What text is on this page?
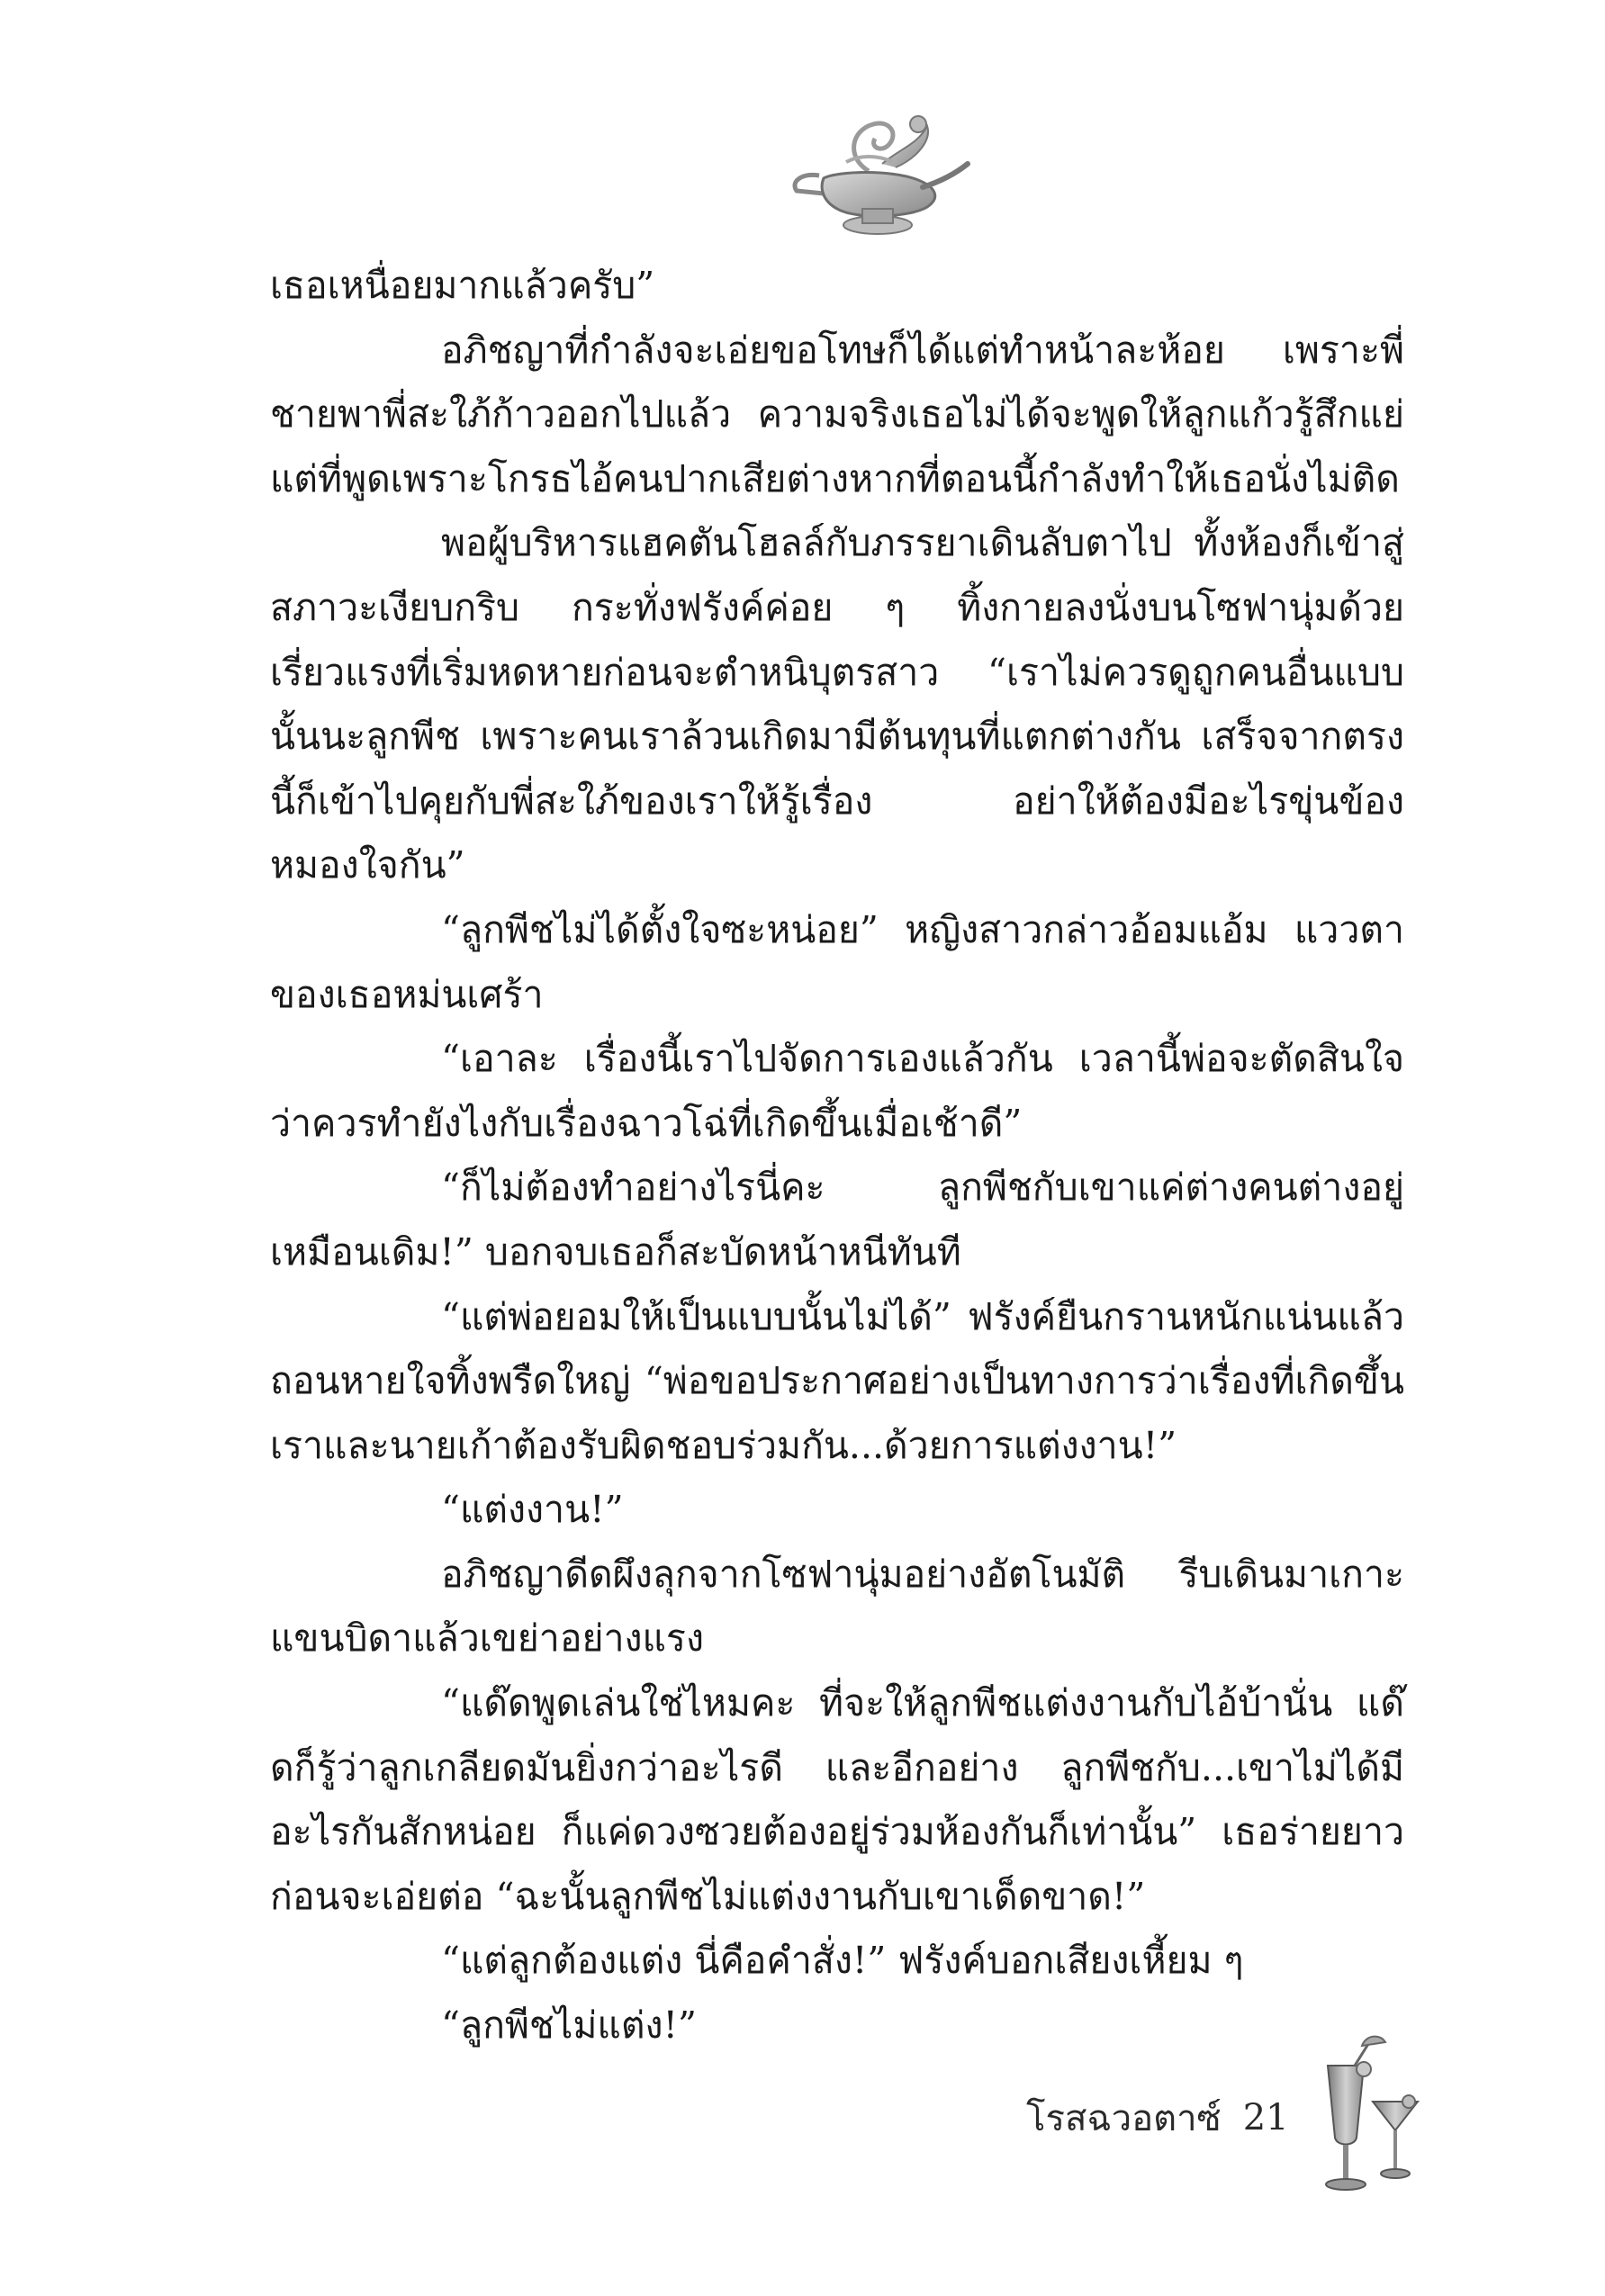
เธอเหนื่อยมากแล้วครับ”

อภิชญาที่กำลังจะเอ่ยขอโทษก็ได้แต่ทำหน้าละห้อย เพราะพี่ชายพาพี่สะใภ้ก้าวออกไปแล้ว ความจริงเธอไม่ได้จะพูดให้ลูกแก้วรู้สึกแย่ แต่ที่พูดเพราะโกรธไอ้คนปากเสียต่างหากที่ตอนนี้กำลังทำให้เธอนั่งไม่ติด

พอผู้บริหารแฮคตันโฮลล์กับภรรยาเดินลับตาไป ทั้งห้องก็เข้าสู่สภาวะเงียบกริบ กระทั่งฟรังค์ค่อย ๆ ทิ้งกายลงนั่งบนโซฟานุ่มด้วยเรี่ยวแรงที่เริ่มหดหายก่อนจะตำหนิบุตรสาว “เราไม่ควรดูถูกคนอื่นแบบนั้นนะลูกพีช เพราะคนเราล้วนเกิดมามีต้นทุนที่แตกต่างกัน เสร็จจากตรงนี้ก็เข้าไปคุยกับพี่สะใภ้ของเราให้รู้เรื่อง อย่าให้ต้องมีอะไรขุ่นข้องหมองใจกัน”

“ลูกพีชไม่ได้ตั้งใจซะหน่อย” หญิงสาวกล่าวอ้อมแอ้ม แววตาของเธอหม่นเศร้า

“เอาละ เรื่องนี้เราไปจัดการเองแล้วกัน เวลานี้พ่อจะตัดสินใจว่าควรทำยังไงกับเรื่องฉาวโฉ่ที่เกิดขึ้นเมื่อเช้าดี”

“ก็ไม่ต้องทำอย่างไรนี่คะ ลูกพีชกับเขาแค่ต่างคนต่างอยู่เหมือนเดิม!” บอกจบเธอก็สะบัดหน้าหนีทันที

“แต่พ่อยอมให้เป็นแบบนั้นไม่ได้” ฟรังค์ยืนกรานหนักแน่นแล้วถอนหายใจทิ้งพรืดใหญ่ “พ่อขอประกาศอย่างเป็นทางการว่าเรื่องที่เกิดขึ้น เราและนายเก้าต้องรับผิดชอบร่วมกัน...ด้วยการแต่งงาน!”

“แต่งงาน!”

อภิชญาดีดผึงลุกจากโซฟานุ่มอย่างอัตโนมัติ รีบเดินมาเกาะแขนบิดาแล้วเขย่าอย่างแรง

“แด๊ดพูดเล่นใช่ไหมคะ ที่จะให้ลูกพีชแต่งงานกับไอ้บ้านั่น แด๊ดก็รู้ว่าลูกเกลียดมันยิ่งกว่าอะไรดี และอีกอย่าง ลูกพีชกับ...เขาไม่ได้มีอะไรกันสักหน่อย ก็แค่ดวงซวยต้องอยู่ร่วมห้องกันก็เท่านั้น” เธอร่ายยาวก่อนจะเอ่ยต่อ “ฉะนั้นลูกพีชไม่แต่งงานกับเขาเด็ดขาด!”

“แต่ลูกต้องแต่ง นี่คือคำสั่ง!” ฟรังค์บอกเสียงเหี้ยม ๆ

“ลูกพีชไม่แต่ง!”

โรสฉวอตาซ์ 21
